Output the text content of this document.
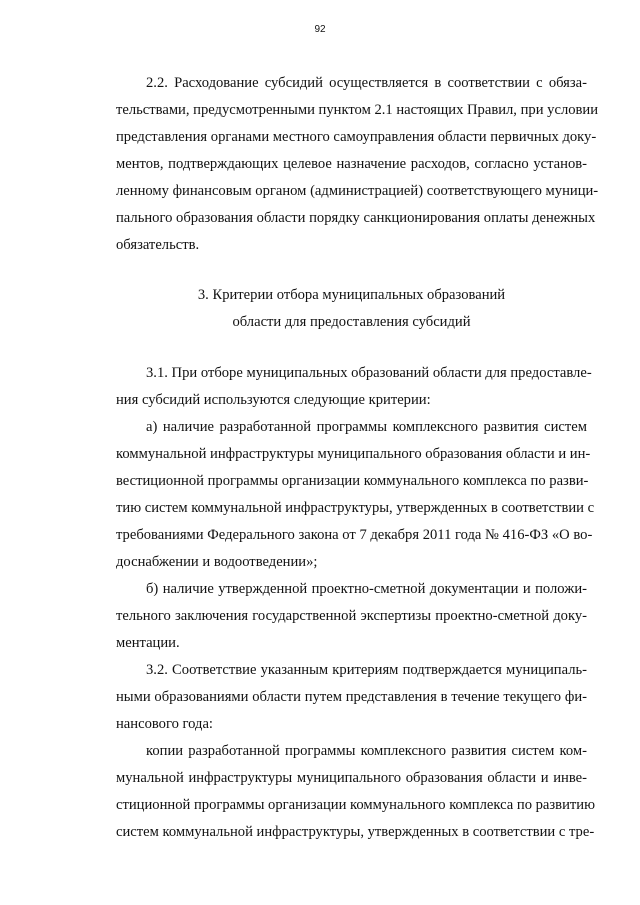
92
2.2. Расходование субсидий осуществляется в соответствии с обяза-
тельствами, предусмотренными пунктом 2.1 настоящих Правил, при условии
представления органами местного самоуправления области первичных доку-
ментов, подтверждающих целевое назначение расходов, согласно установ-
ленному финансовым органом (администрацией) соответствующего муници-
пального образования области порядку санкционирования оплаты денежных
обязательств.
3. Критерии отбора муниципальных образований
области для предоставления субсидий
3.1. При отборе муниципальных образований области для предоставле-
ния субсидий используются следующие критерии:
а) наличие разработанной программы комплексного развития систем
коммунальной инфраструктуры муниципального образования области и ин-
вестиционной программы организации коммунального комплекса по разви-
тию систем коммунальной инфраструктуры, утвержденных в соответствии с
требованиями Федерального закона от 7 декабря 2011 года № 416-ФЗ «О во-
доснабжении и водоотведении»;
б) наличие утвержденной проектно-сметной документации и положи-
тельного заключения государственной экспертизы проектно-сметной доку-
ментации.
3.2. Соответствие указанным критериям подтверждается муниципаль-
ными образованиями области путем представления в течение текущего фи-
нансового года:
копии разработанной программы комплексного развития систем ком-
мунальной инфраструктуры муниципального образования области и инве-
стиционной программы организации коммунального комплекса по развитию
систем коммунальной инфраструктуры, утвержденных в соответствии с тре-
